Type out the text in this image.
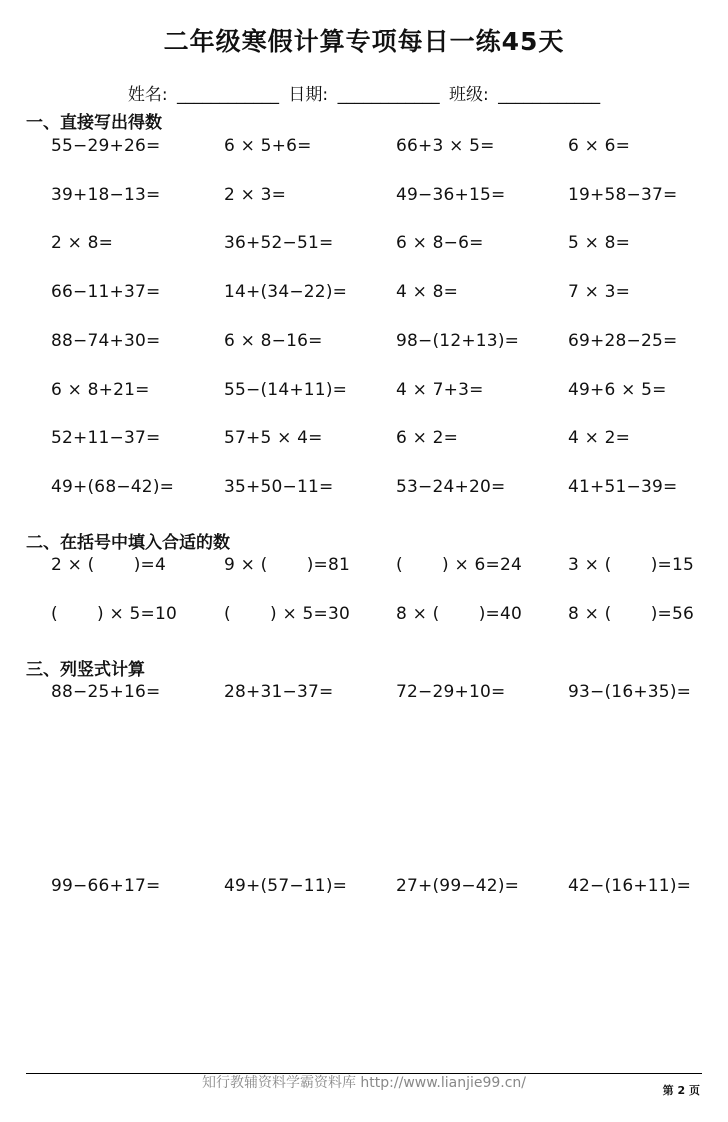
二年级寒假计算专项每日一练45天
姓名: ____________ 日期: ____________ 班级: ____________
一、直接写出得数
55−29+26=	6 × 5+6=	66+3 × 5=	6 × 6=
39+18−13=	2 × 3=	49−36+15=	19+58−37=
2 × 8=	36+52−51=	6 × 8−6=	5 × 8=
66−11+37=	14+(34−22)=	4 × 8=	7 × 3=
88−74+30=	6 × 8−16=	98−(12+13)=	69+28−25=
6 × 8+21=	55−(14+11)=	4 × 7+3=	49+6 × 5=
52+11−37=	57+5 × 4=	6 × 2=	4 × 2=
49+(68−42)=	35+50−11=	53−24+20=	41+51−39=
二、在括号中填入合适的数
2 × (       )=4	9 × (       )=81	(       ) × 6=24	3 × (       )=15
(       ) × 5=10	(       ) × 5=30	8 × (       )=40	8 × (       )=56
三、列竖式计算
88−25+16=	28+31−37=	72−29+10=	93−(16+35)=
99−66+17=	49+(57−11)=	27+(99−42)=	42−(16+11)=
知行教辅资料学霸资料库 http://www.lianjie99.cn/	第 2 页
